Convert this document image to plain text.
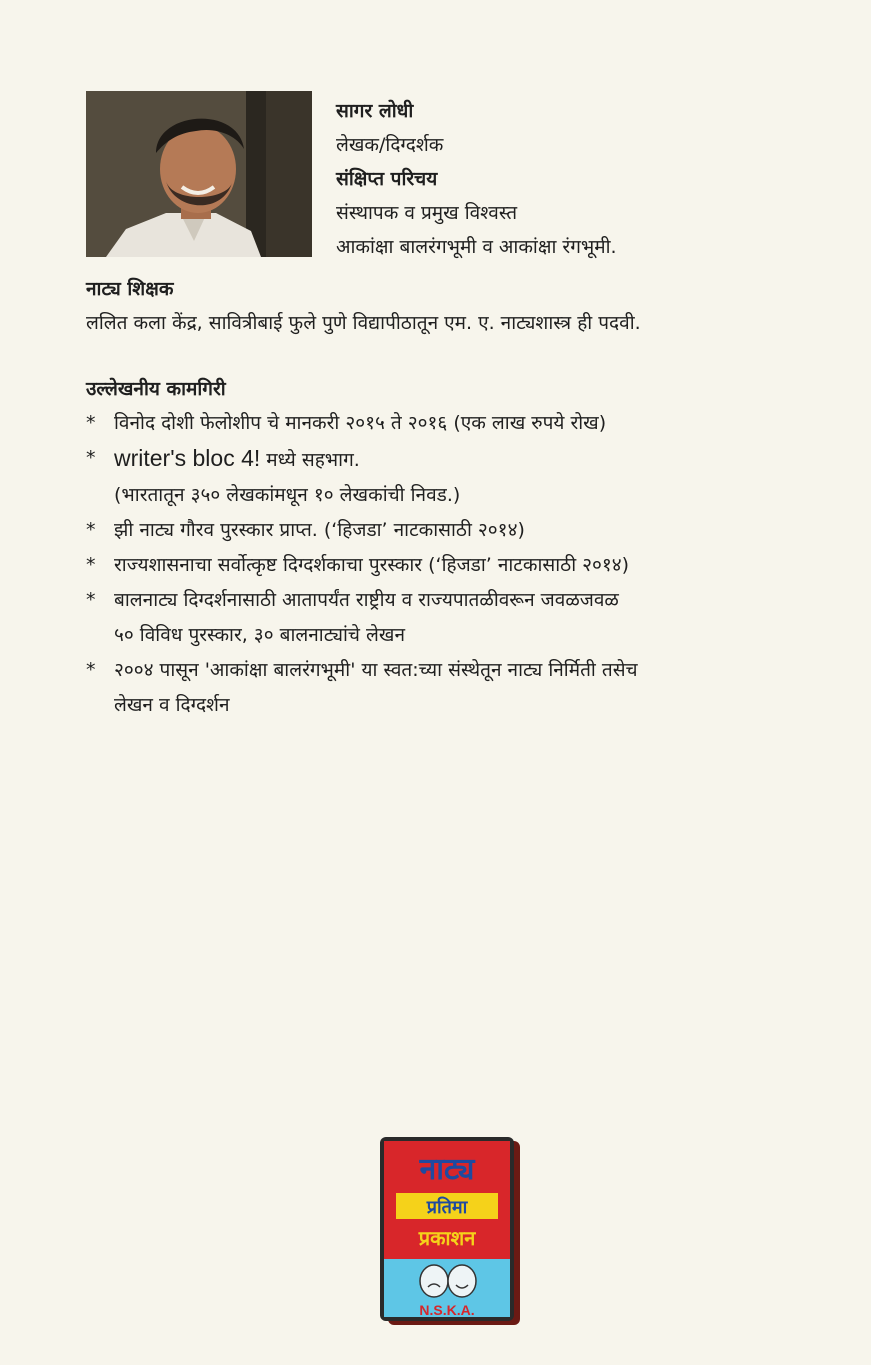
सागर लोधी
लेखक/दिग्दर्शक
संक्षिप्त परिचय
संस्थापक व प्रमुख विश्वस्त
आकांक्षा बालरंगभूमी व आकांक्षा रंगभूमी.
नाट्य शिक्षक
ललित कला केंद्र, सावित्रीबाई फुले पुणे विद्यापीठातून एम. ए. नाट्यशास्त्र ही पदवी.
उल्लेखनीय कामगिरी
* विनोद दोशी फेलोशीप चे मानकरी २०१५ ते २०१६ (एक लाख रुपये रोख)
* writer's bloc 4! मध्ये सहभाग.
(भारतातून ३५० लेखकांमधून १० लेखकांची निवड.)
* झी नाट्य गौरव पुरस्कार प्राप्त. (‘हिजडा’ नाटकासाठी २०१४)
* राज्यशासनाचा सर्वोत्कृष्ट दिग्दर्शकाचा पुरस्कार (‘हिजडा’ नाटकासाठी २०१४)
* बालनाट्य दिग्दर्शनासाठी आतापर्यंत राष्ट्रीय व राज्यपातळीवरून जवळजवळ
५० विविध पुरस्कार, ३० बालनाट्यांचे लेखन
* २००४ पासून 'आकांक्षा बालरंगभूमी' या स्वत:च्या संस्थेतून नाट्य निर्मिती तसेच
लेखन व दिग्दर्शन
नाट्य
प्रतिमा
प्रकाशन
N.S.K.A.
